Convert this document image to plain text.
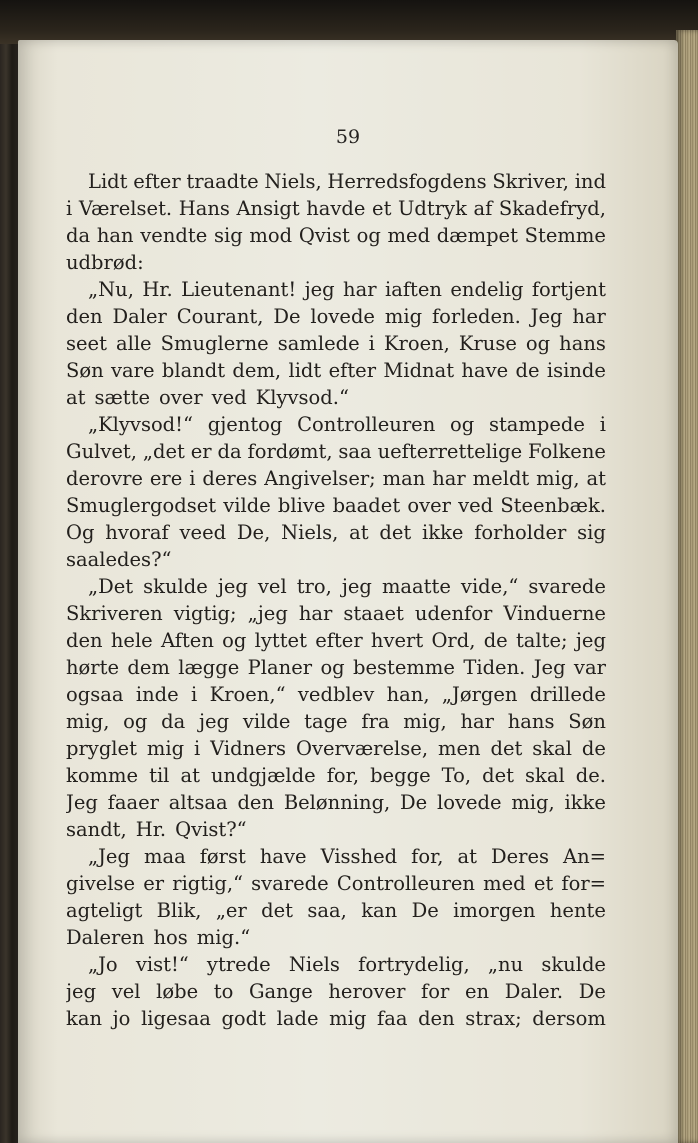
59

Lidt efter traadte Niels, Herredsfogdens Skriver, ind
i Værelset. Hans Ansigt havde et Udtryk af Skadefryd,
da han vendte sig mod Qvist og med dæmpet Stemme
udbrød:
„Nu, Hr. Lieutenant! jeg har iaften endelig fortjent
den Daler Courant, De lovede mig forleden. Jeg har
seet alle Smuglerne samlede i Kroen, Kruse og hans
Søn vare blandt dem, lidt efter Midnat have de isinde
at sætte over ved Klyvsod.“
„Klyvsod!“ gjentog Controlleuren og stampede i
Gulvet, „det er da fordømt, saa uefterrettelige Folkene
derovre ere i deres Angivelser; man har meldt mig, at
Smuglergodset vilde blive baadet over ved Steenbæk.
Og hvoraf veed De, Niels, at det ikke forholder sig
saaledes?“
„Det skulde jeg vel tro, jeg maatte vide,“ svarede
Skriveren vigtig; „jeg har staaet udenfor Vinduerne
den hele Aften og lyttet efter hvert Ord, de talte; jeg
hørte dem lægge Planer og bestemme Tiden. Jeg var
ogsaa inde i Kroen,“ vedblev han, „Jørgen drillede
mig, og da jeg vilde tage fra mig, har hans Søn
pryglet mig i Vidners Overværelse, men det skal de
komme til at undgjælde for, begge To, det skal de.
Jeg faaer altsaa den Belønning, De lovede mig, ikke
sandt, Hr. Qvist?“
„Jeg maa først have Visshed for, at Deres An=
givelse er rigtig,“ svarede Controlleuren med et for=
agteligt Blik, „er det saa, kan De imorgen hente
Daleren hos mig.“
„Jo vist!“ ytrede Niels fortrydelig, „nu skulde
jeg vel løbe to Gange herover for en Daler. De
kan jo ligesaa godt lade mig faa den strax; dersom
